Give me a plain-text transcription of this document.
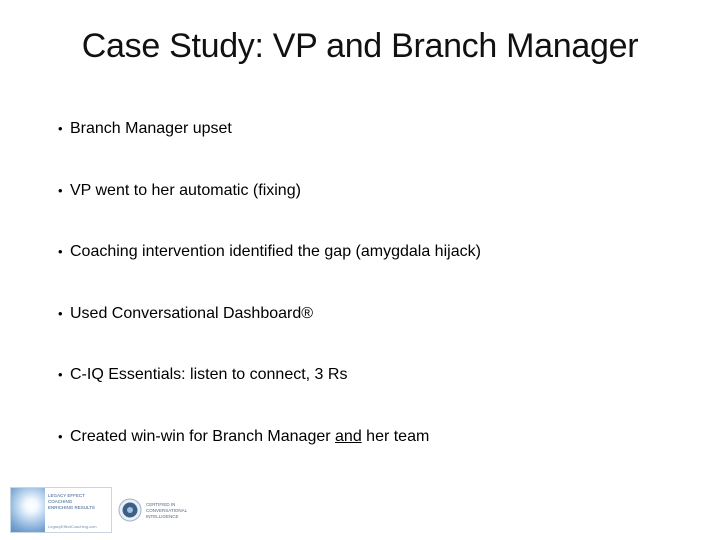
Case Study: VP and Branch Manager
• Branch Manager upset
• VP went to her automatic (fixing)
• Coaching intervention identified the gap (amygdala hijack)
• Used Conversational Dashboard®
• C-IQ Essentials: listen to connect, 3 Rs
• Created win-win for Branch Manager and her team
LEGACY EFFECT
COACHING
ENRICHING RESULTS
LegacyEffectCoaching.com
CERTIFIED IN
CONVERSATIONAL
INTELLIGENCE
